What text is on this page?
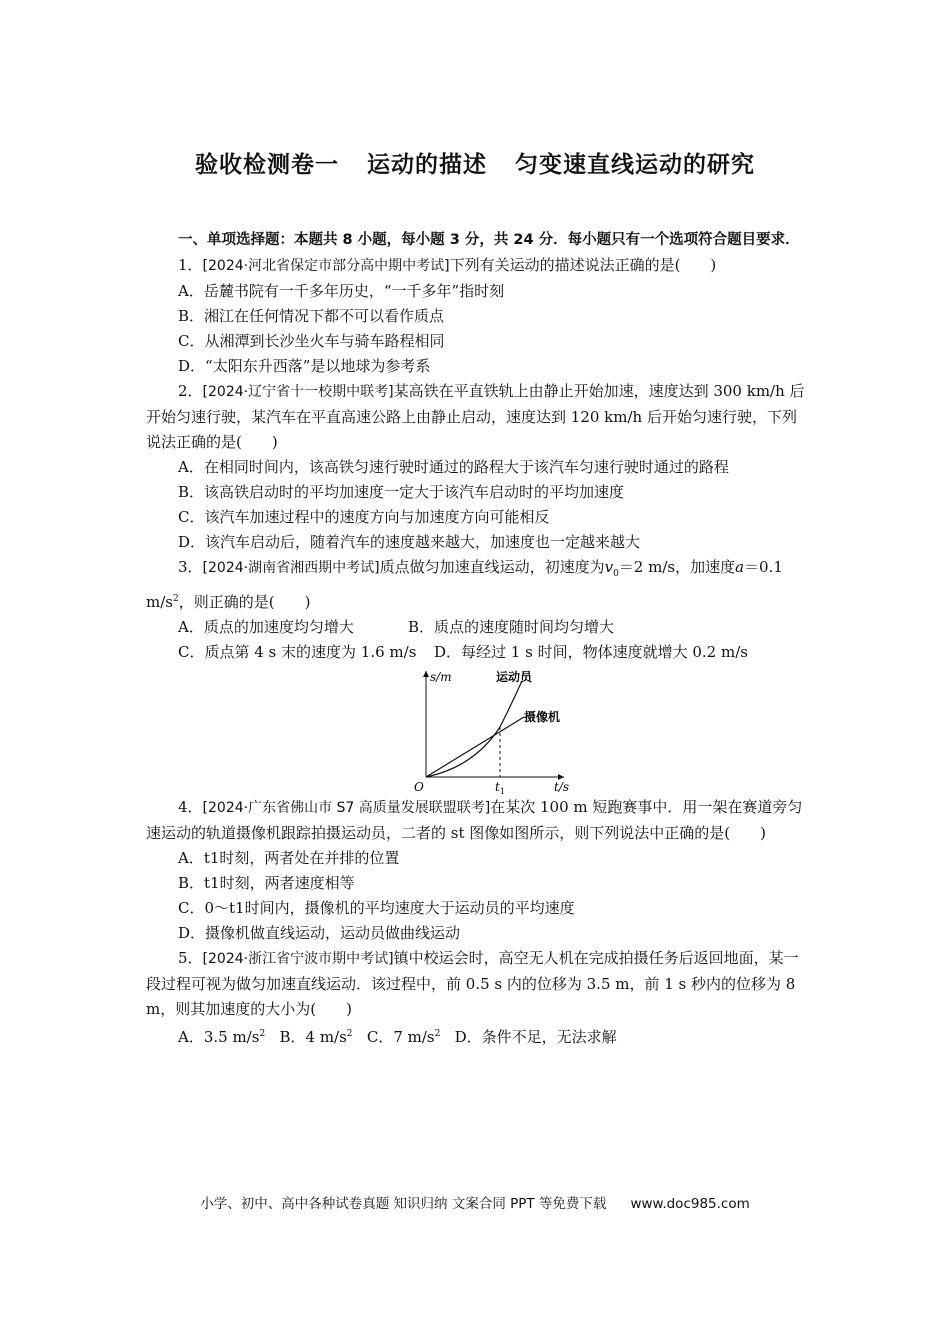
验收检测卷一 运动的描述 匀变速直线运动的研究

一、单项选择题：本题共 8 小题，每小题 3 分，共 24 分．每小题只有一个选项符合题目要求．

1．[2024·河北省保定市部分高中期中考试]下列有关运动的描述说法正确的是(　　)

A．岳麓书院有一千多年历史，“一千多年”指时刻

B．湘江在任何情况下都不可以看作质点

C．从湘潭到长沙坐火车与骑车路程相同

D．“太阳东升西落”是以地球为参考系

2．[2024·辽宁省十一校期中联考]某高铁在平直铁轨上由静止开始加速，速度达到 300 km/h 后开始匀速行驶，某汽车在平直高速公路上由静止启动，速度达到 120 km/h 后开始匀速行驶，下列说法正确的是(　　)

A．在相同时间内，该高铁匀速行驶时通过的路程大于该汽车匀速行驶时通过的路程

B．该高铁启动时的平均加速度一定大于该汽车启动时的平均加速度

C．该汽车加速过程中的速度方向与加速度方向可能相反

D．该汽车启动后，随着汽车的速度越来越大，加速度也一定越来越大

3．[2024·湖南省湘西期中考试]质点做匀加速直线运动，初速度为$v_0=2$ m/s，加速度a＝0.1 $m/s^2$，则正确的是(　　)

A．质点的加速度均匀增大	B．质点的速度随时间均匀增大

C．质点第 4 s 末的速度为 1.6 m/s	D．每经过 1 s 时间，物体速度就增大 0.2 m/s

s/m
t/s
O	$t_1$
运动员
摄像机

4．[2024·广东省佛山市 S7 高质量发展联盟联考]在某次 100 m 短跑赛事中．用一架在赛道旁匀速运动的轨道摄像机跟踪拍摄运动员，二者的 st 图像如图所示，则下列说法中正确的是(　　)

A．t1时刻，两者处在并排的位置

B．t1时刻，两者速度相等

C．0～t1时间内，摄像机的平均速度大于运动员的平均速度

D．摄像机做直线运动，运动员做曲线运动

5．[2024·浙江省宁波市期中考试]镇中校运会时，高空无人机在完成拍摄任务后返回地面，某一段过程可视为做匀加速直线运动．该过程中，前 0.5 s 内的位移为 3.5 m，前 1 s 秒内的位移为 8 m，则其加速度的大小为(　　)

A．3.5 $m/s^2$ B．4 $m/s^2$ C．7 $m/s^2$ D．条件不足，无法求解

小学、初中、高中各种试卷真题 知识归纳 文案合同 PPT 等免费下载 www.doc985.com
